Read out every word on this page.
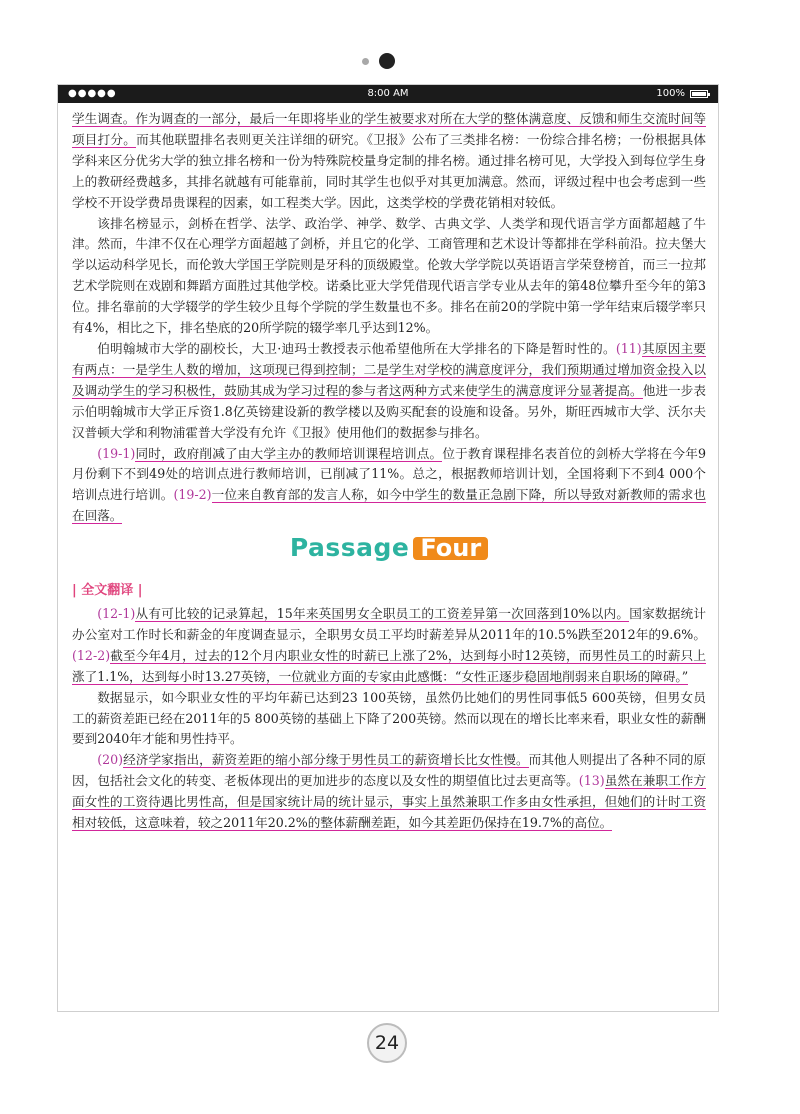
●●●●●	8:00 AM	100%

学生调查。作为调查的一部分，最后一年即将毕业的学生被要求对所在大学的整体满意度、反馈和师生交流时间等项目打分。而其他联盟排名表则更关注详细的研究。《卫报》公布了三类排名榜：一份综合排名榜；一份根据具体学科来区分优劣大学的独立排名榜和一份为特殊院校量身定制的排名榜。通过排名榜可见，大学投入到每位学生身上的教研经费越多，其排名就越有可能靠前，同时其学生也似乎对其更加满意。然而，评级过程中也会考虑到一些学校不开设学费昂贵课程的因素，如工程类大学。因此，这类学校的学费花销相对较低。

该排名榜显示，剑桥在哲学、法学、政治学、神学、数学、古典文学、人类学和现代语言学方面都超越了牛津。然而，牛津不仅在心理学方面超越了剑桥，并且它的化学、工商管理和艺术设计等都排在学科前沿。拉夫堡大学以运动科学见长，而伦敦大学国王学院则是牙科的顶级殿堂。伦敦大学学院以英语语言学荣登榜首，而三一拉邦艺术学院则在戏剧和舞蹈方面胜过其他学校。诺桑比亚大学凭借现代语言学专业从去年的第48位攀升至今年的第3位。排名靠前的大学辍学的学生较少且每个学院的学生数量也不多。排名在前20的学院中第一学年结束后辍学率只有4%，相比之下，排名垫底的20所学院的辍学率几乎达到12%。

伯明翰城市大学的副校长，大卫·迪玛士教授表示他希望他所在大学排名的下降是暂时性的。(11)其原因主要有两点：一是学生人数的增加，这项现已得到控制；二是学生对学校的满意度评分，我们预期通过增加资金投入以及调动学生的学习积极性，鼓励其成为学习过程的参与者这两种方式来使学生的满意度评分显著提高。他进一步表示伯明翰城市大学正斥资1.8亿英镑建设新的教学楼以及购买配套的设施和设备。另外，斯旺西城市大学、沃尔夫汉普顿大学和利物浦霍普大学没有允许《卫报》使用他们的数据参与排名。

(19-1)同时，政府削减了由大学主办的教师培训课程培训点。位于教育课程排名表首位的剑桥大学将在今年9月份剩下不到49处的培训点进行教师培训，已削减了11%。总之，根据教师培训计划，全国将剩下不到4 000个培训点进行培训。(19-2)一位来自教育部的发言人称，如今中学生的数量正急剧下降，所以导致对新教师的需求也在回落。

Passage Four
| 全文翻译 |

(12-1)从有可比较的记录算起，15年来英国男女全职员工的工资差异第一次回落到10%以内。国家数据统计办公室对工作时长和薪金的年度调查显示，全职男女员工平均时薪差异从2011年的10.5%跌至2012年的9.6%。(12-2)截至今年4月，过去的12个月内职业女性的时薪已上涨了2%，达到每小时12英镑，而男性员工的时薪只上涨了1.1%，达到每小时13.27英镑，一位就业方面的专家由此感慨：“女性正逐步稳固地削弱来自职场的障碍。”

数据显示，如今职业女性的平均年薪已达到23 100英镑，虽然仍比她们的男性同事低5 600英镑，但男女员工的薪资差距已经在2011年的5 800英镑的基础上下降了200英镑。然而以现在的增长比率来看，职业女性的薪酬要到2040年才能和男性持平。

(20)经济学家指出，薪资差距的缩小部分缘于男性员工的薪资增长比女性慢。而其他人则提出了各种不同的原因，包括社会文化的转变、老板体现出的更加进步的态度以及女性的期望值比过去更高等。(13)虽然在兼职工作方面女性的工资待遇比男性高，但是国家统计局的统计显示，事实上虽然兼职工作多由女性承担，但她们的计时工资相对较低，这意味着，较之2011年20.2%的整体薪酬差距，如今其差距仍保持在19.7%的高位。

24
